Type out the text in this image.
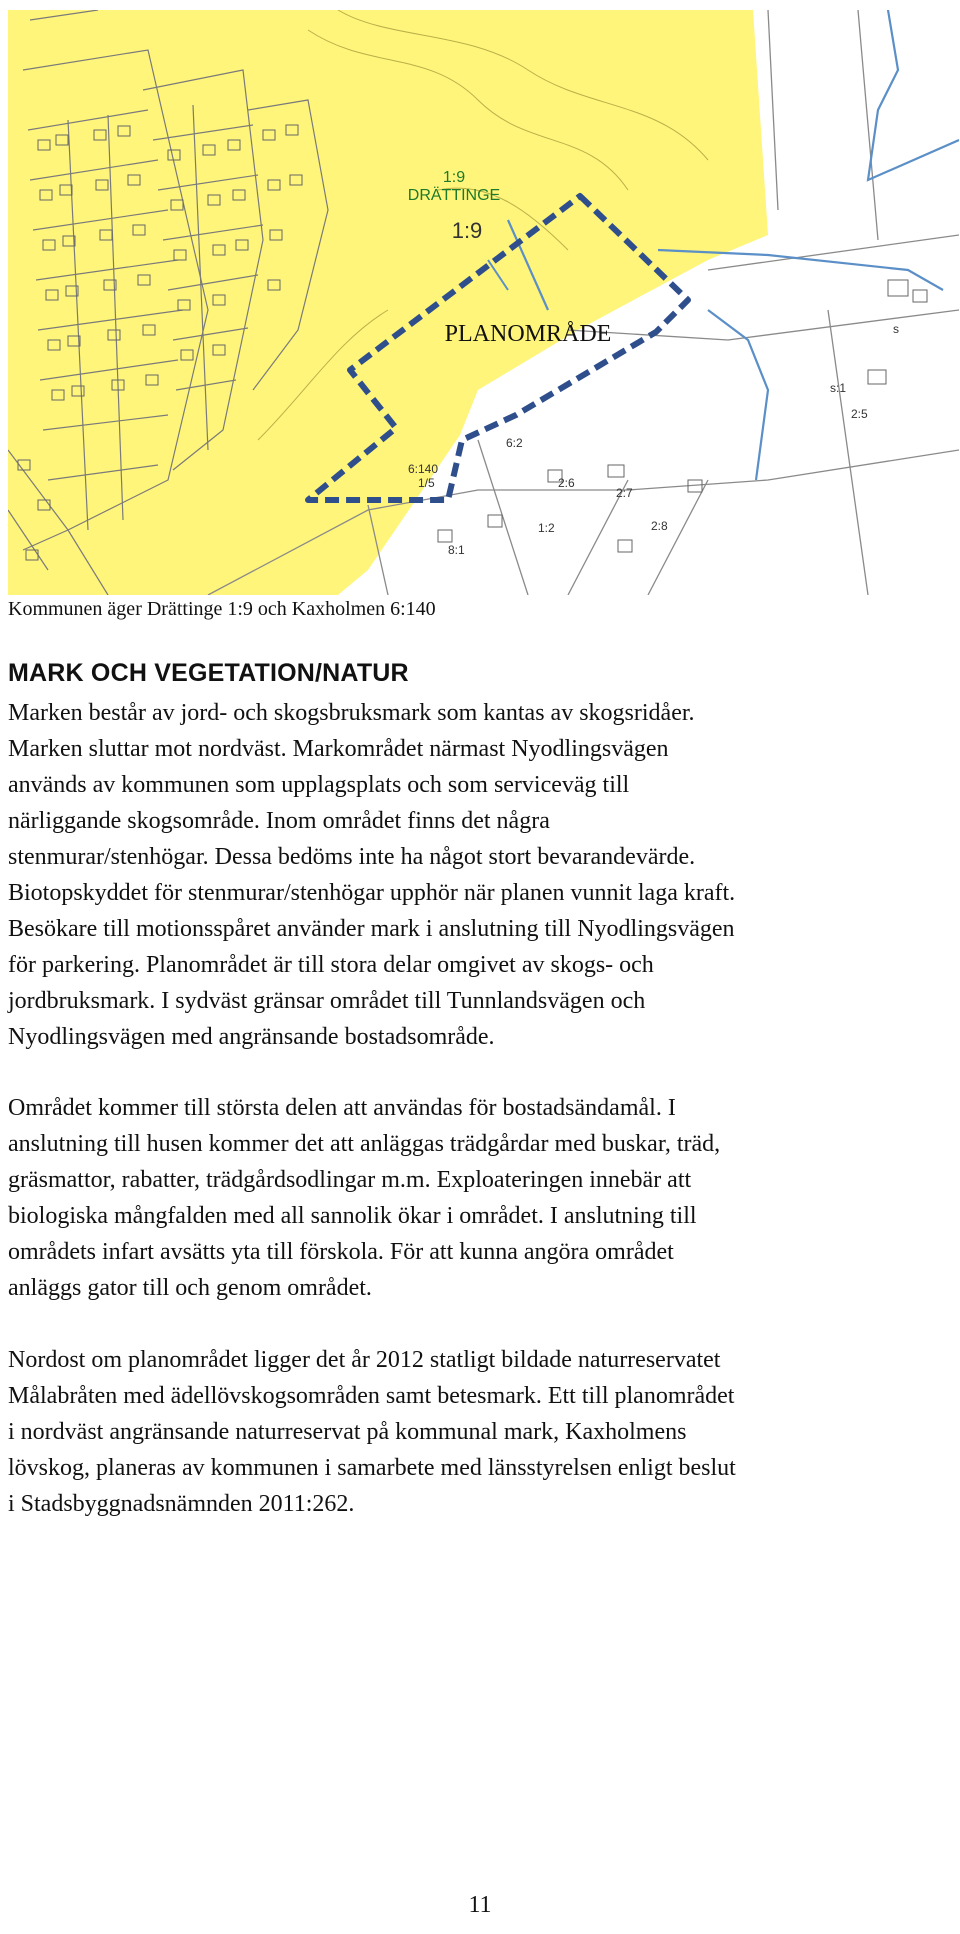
1:9
DRÄTTINGE
1:9
PLANOMRÅDE
6:2
6:140
1/5	2:6
2:7
2:8
1:2
8:1
s
s:1
2:5
Kommunen äger Drättinge 1:9 och Kaxholmen 6:140
MARK OCH VEGETATION/NATUR
Marken består av jord- och skogsbruksmark som kantas av skogsridåer.
Marken sluttar mot nordväst. Markområdet närmast Nyodlingsvägen
används av kommunen som upplagsplats och som serviceväg till
närliggande skogsområde. Inom området finns det några
stenmurar/stenhögar. Dessa bedöms inte ha något stort bevarandevärde.
Biotopskyddet för stenmurar/stenhögar upphör när planen vunnit laga kraft.
Besökare till motionsspåret använder mark i anslutning till Nyodlingsvägen
för parkering. Planområdet är till stora delar omgivet av skogs- och
jordbruksmark. I sydväst gränsar området till Tunnlandsvägen och
Nyodlingsvägen med angränsande bostadsområde.
Området kommer till största delen att användas för bostadsändamål. I
anslutning till husen kommer det att anläggas trädgårdar med buskar, träd,
gräsmattor, rabatter, trädgårdsodlingar m.m. Exploateringen innebär att
biologiska mångfalden med all sannolik ökar i området. I anslutning till
områdets infart avsätts yta till förskola. För att kunna angöra området
anläggs gator till och genom området.
Nordost om planområdet ligger det år 2012 statligt bildade naturreservatet
Målabråten med ädellövskogsområden samt betesmark. Ett till planområdet
i nordväst angränsande naturreservat på kommunal mark, Kaxholmens
lövskog, planeras av kommunen i samarbete med länsstyrelsen enligt beslut
i Stadsbyggnadsnämnden 2011:262.
11
